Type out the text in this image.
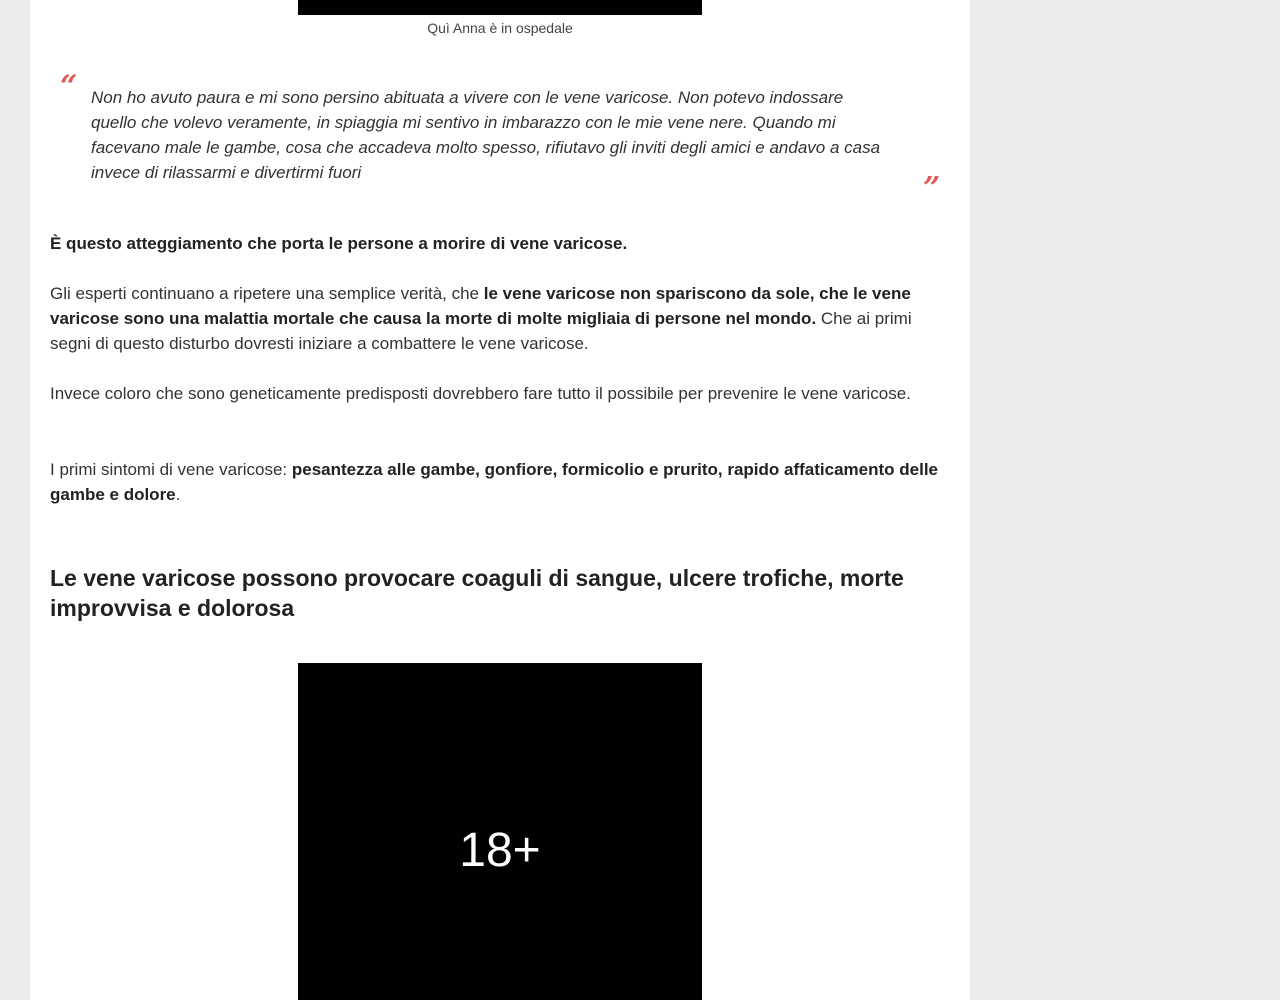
Quì Anna è in ospedale
“ Non ho avuto paura e mi sono persino abituata a vivere con le vene varicose. Non potevo indossare quello che volevo veramente, in spiaggia mi sentivo in imbarazzo con le mie vene nere. Quando mi facevano male le gambe, cosa che accadeva molto spesso, rifiutavo gli inviti degli amici e andavo a casa invece di rilassarmi e divertirmi fuori	”

È questo atteggiamento che porta le persone a morire di vene varicose.

Gli esperti continuano a ripetere una semplice verità, che le vene varicose non spariscono da sole, che le vene varicose sono una malattia mortale che causa la morte di molte migliaia di persone nel mondo. Che ai primi segni di questo disturbo dovresti iniziare a combattere le vene varicose.

Invece coloro che sono geneticamente predisposti dovrebbero fare tutto il possibile per prevenire le vene varicose.

I primi sintomi di vene varicose: pesantezza alle gambe, gonfiore, formicolio e prurito, rapido affaticamento delle gambe e dolore.

Le vene varicose possono provocare coaguli di sangue, ulcere trofiche, morte improvvisa e dolorosa
18+
